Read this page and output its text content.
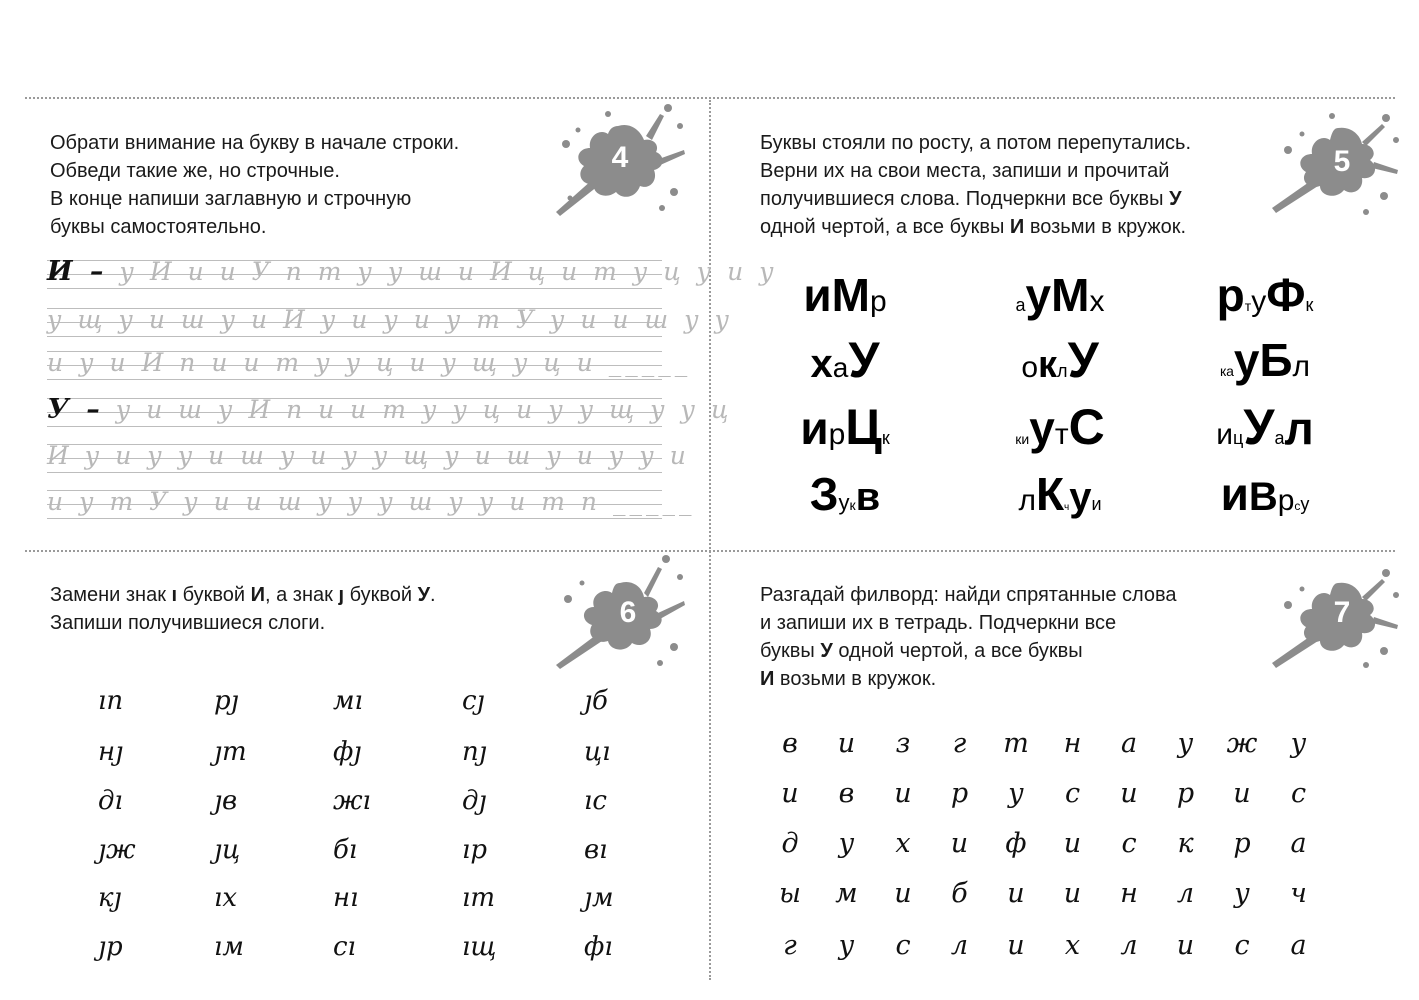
Обрати внимание на букву в начале строки.
Обведи такие же, но строчные.
В конце напиши заглавную и строчную
буквы самостоятельно.
4
И – у И и и У п т у у ш и И ц и т у ц у и у
у щ у и ш у и И у и у и у т У у и и ш у у
и у и И п и и т у у ц и у щ у ц и _____
У – у и ш у И п и и т у у ц и у у щ у у ц
И у и у у и ш у и у у щ у и ш у и у у и
и у т У у и и ш у у у ш у у и т п _____
Буквы стояли по росту, а потом перепутались.
Верни их на свои места, запиши и прочитай
получившиеся слова. Подчеркни все буквы У
одной чертой, а все буквы И возьми в кружок.
5
иМр	ауМх	ртуФк
хаУ	оклУ	кауБл
ирЦк	киутС	ицУал
Зукв	лКчуи	иВрсу
Замени знак ı буквой И, а знак ȷ буквой У.
Запиши получившиеся слоги.	6
ıп	рȷ	мı	сȷ	ȷб
нȷ	ȷт	фȷ	пȷ	цı
дı	ȷв	жı	дȷ	ıс
ȷж	ȷц	бı	ıр	вı
кȷ	ıх	нı	ıт	ȷм
ȷр	ıм	сı	ıщ	фı
Разгадай филворд: найди спрятанные слова
и запиши их в тетрадь. Подчеркни все
буквы У одной чертой, а все буквы
И возьми в кружок.
7
в	и	з	г	т	н	а	у	ж	у
и	в	и	р	у	с	и	р	и	с
д	у	х	и	ф	и	с	к	р	а
ы	м	и	б	и	и	н	л	у	ч
г	у	с	л	и	х	л	и	с	а
